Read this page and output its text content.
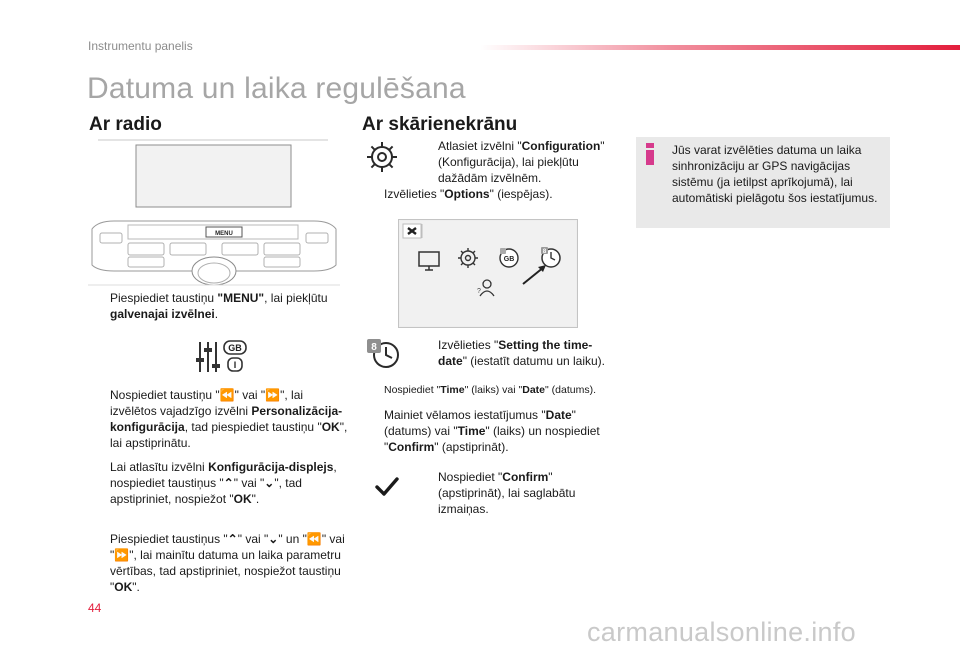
Instrumentu panelis
Datuma un laika regulēšana
Ar radio
MENU
Piespiediet taustiņu "MENU", lai piekļūtu galvenajai izvēlnei.
GB
I
Nospiediet taustiņu "⏪" vai "⏩", lai izvēlētos vajadzīgo izvēlni Personalizācija-konfigurācija, tad piespiediet taustiņu "OK", lai apstiprinātu.
Lai atlasītu izvēlni Konfigurācija-displejs, nospiediet taustiņus "⌃" vai "⌄", tad apstipriniet, nospiežot "OK".
Piespiediet taustiņus "⌃" vai "⌄" un "⏪" vai "⏩", lai mainītu datuma un laika parametru vērtības, tad apstipriniet, nospiežot taustiņu "OK".
Ar skārienekrānu
Atlasiet izvēlni "Configuration" (Konfigurācija), lai piekļūtu dažādām izvēlnēm.
Izvēlieties "Options" (iespējas).
GB
8
?
8	Izvēlieties "Setting the time-date" (iestatīt datumu un laiku).
Nospiediet "Time" (laiks) vai "Date" (datums).
Mainiet vēlamos iestatījumus "Date" (datums) vai "Time" (laiks) un nospiediet "Confirm" (apstiprināt).
Nospiediet "Confirm" (apstiprināt), lai saglabātu izmaiņas.
Jūs varat izvēlēties datuma un laika sinhronizāciju ar GPS navigācijas sistēmu (ja ietilpst aprīkojumā), lai automātiski pielāgotu šos iestatījumus.
44
carmanualsonline.info
